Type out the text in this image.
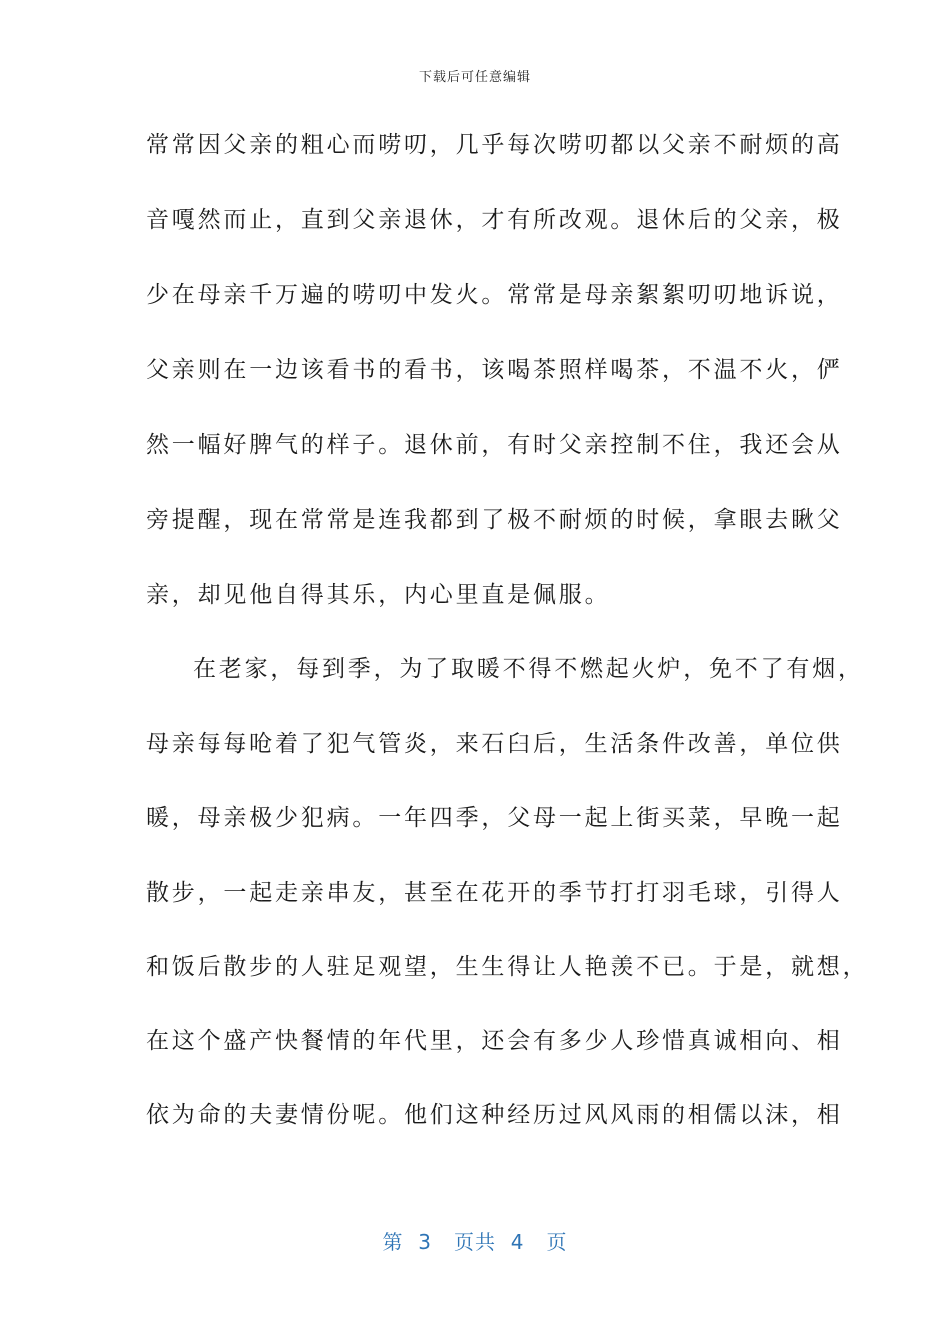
下载后可任意编辑
常常因父亲的粗心而唠叨，几乎每次唠叨都以父亲不耐烦的高
音嘎然而止，直到父亲退休，才有所改观。退休后的父亲，极
少在母亲千万遍的唠叨中发火。常常是母亲絮絮叨叨地诉说，
父亲则在一边该看书的看书，该喝茶照样喝茶，不温不火，俨
然一幅好脾气的样子。退休前，有时父亲控制不住，我还会从
旁提醒，现在常常是连我都到了极不耐烦的时候，拿眼去瞅父
亲，却见他自得其乐，内心里直是佩服。
在老家，每到季，为了取暖不得不燃起火炉，免不了有烟，
母亲每每呛着了犯气管炎，来石臼后，生活条件改善，单位供
暖，母亲极少犯病。一年四季，父母一起上街买菜，早晚一起
散步，一起走亲串友，甚至在花开的季节打打羽毛球，引得人
和饭后散步的人驻足观望，生生得让人艳羡不已。于是，就想，
在这个盛产快餐情的年代里，还会有多少人珍惜真诚相向、相
依为命的夫妻情份呢。他们这种经历过风风雨的相儒以沫，相
第  3   页共  4   页
